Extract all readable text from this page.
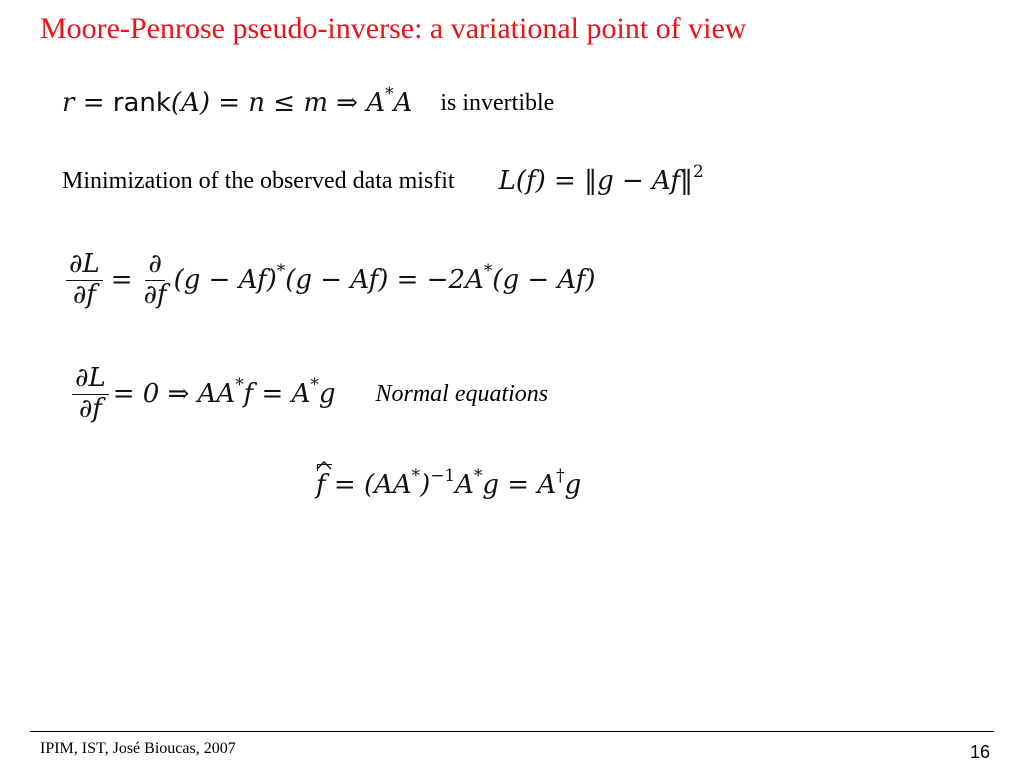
Moore-Penrose pseudo-inverse: a variational point of view
r = rank(A) = n ≤ m ⇒ A*A is invertible
Minimization of the observed data misfit L(f) = ‖g − Af‖$^2$
$\frac{\partial L}{\partial f} = \frac{\partial}{\partial f} (g - Af)^*(g - Af) = -2A^*(g - Af)$
$\frac{\partial L}{\partial f} = 0$ ⇒ AA*f = A*g Normal equations
$f = (AA^*)^{-1}A^*g = A^\dagger g$
IPIM, IST, José Bioucas, 2007	16
